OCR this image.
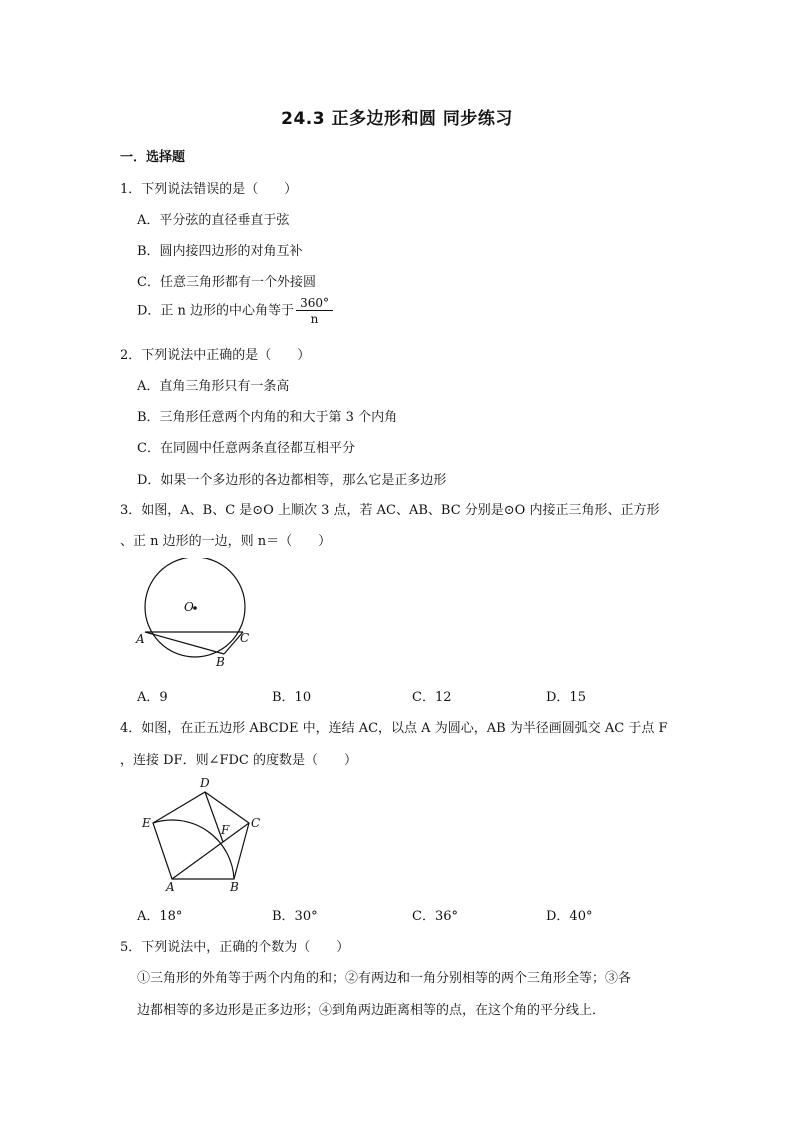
24.3 正多边形和圆 同步练习
一．选择题
1．下列说法错误的是（　　）
A．平分弦的直径垂直于弦
B．圆内接四边形的对角互补
C．任意三角形都有一个外接圆
D．正 n 边形的中心角等于 $\frac{360^\circ}{n}$
2．下列说法中正确的是（　　）
A．直角三角形只有一条高
B．三角形任意两个内角的和大于第 3 个内角
C．在同圆中任意两条直径都互相平分
D．如果一个多边形的各边都相等，那么它是正多边形
3．如图，A、B、C 是⊙O 上顺次 3 点，若 AC、AB、BC 分别是⊙O 内接正三角形、正方形
、正 n 边形的一边，则 n＝（　　）
O
A	C
B
A．9	B．10	C．12	D．15
4．如图，在正五边形 ABCDE 中，连结 AC，以点 A 为圆心，AB 为半径画圆弧交 AC 于点 F
，连接 DF．则∠FDC 的度数是（　　）
D
E	C
F
A	B
A．18°	B．30°	C．36°	D．40°
5．下列说法中，正确的个数为（　　）
①三角形的外角等于两个内角的和；②有两边和一角分别相等的两个三角形全等；③各
边都相等的多边形是正多边形；④到角两边距离相等的点，在这个角的平分线上．
